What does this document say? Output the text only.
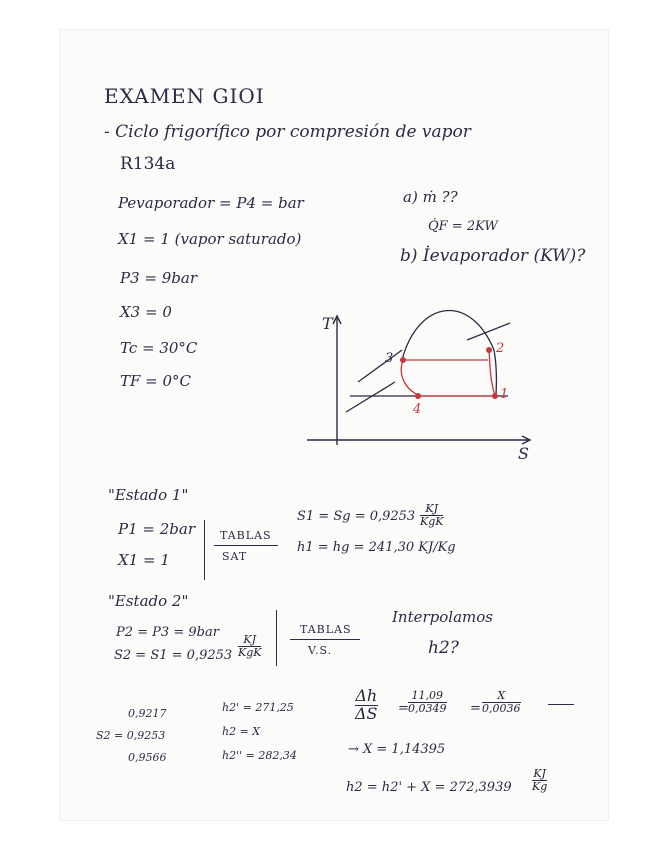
EXAMEN GIOI
- Ciclo frigorífico por compresión de vapor
R134a
Pevaporador = P4 = bar
X1 = 1 (vapor saturado)
P3 = 9bar
X3 = 0
Tc = 30°C
TF = 0°C
a) ṁ ??
Q̇F = 2KW
b) İevaporador (KW)?
T
S
1
2
3
4
"Estado 1"
P1 = 2bar
X1 = 1
TABLAS
SAT
S1 = Sg = 0,9253
KJ
KgK
h1 = hg = 241,30 KJ/Kg
"Estado 2"
P2 = P3 = 9bar
S2 = S1 = 0,9253
KJ
KgK
TABLAS
V.S.
Interpolamos
h2?
0,9217
S2 = 0,9253
0,9566
h2' = 271,25
h2 = X
h2'' = 282,34
Δh
ΔS =
11,09
0,0349 =
X
0,0036
→ X = 1,14395
h2 = h2' + X = 272,3939
KJ
Kg
